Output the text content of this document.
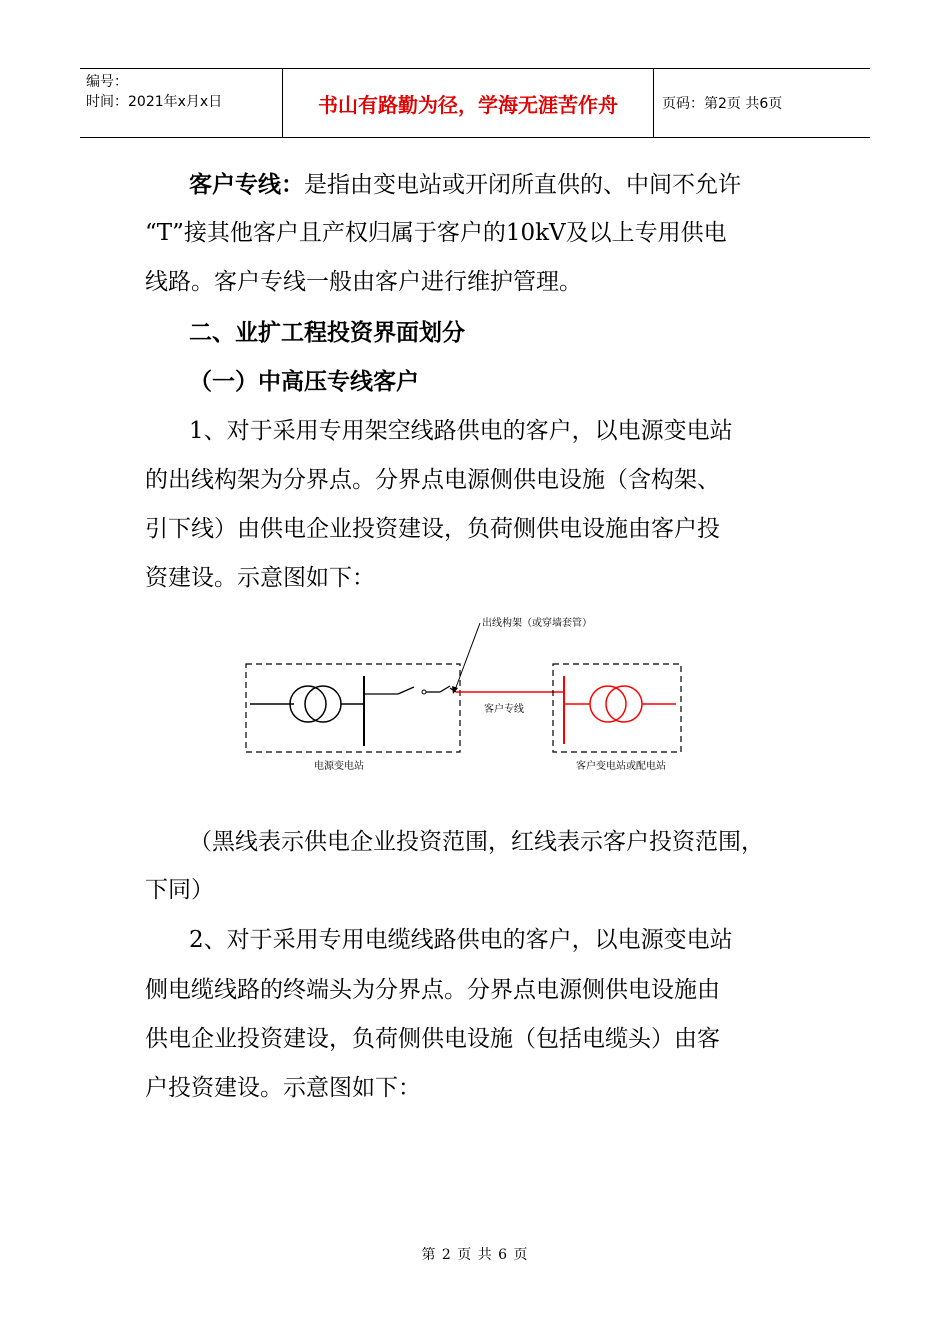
编号：
时间：2021年x月x日	书山有路勤为径，学海无涯苦作舟	页码：第2页 共6页

客户专线：是指由变电站或开闭所直供的、中间不允许

“T”接其他客户且产权归属于客户的10kV及以上专用供电

线路。客户专线一般由客户进行维护管理。

二、业扩工程投资界面划分

（一）中高压专线客户

1、对于采用专用架空线路供电的客户，以电源变电站

的出线构架为分界点。分界点电源侧供电设施（含构架、

引下线）由供电企业投资建设，负荷侧供电设施由客户投

资建设。示意图如下：

出线构架（或穿墙套管）
客户专线
电源变电站	客户变电站或配电站

（黑线表示供电企业投资范围，红线表示客户投资范围，

下同）

2、对于采用专用电缆线路供电的客户，以电源变电站

侧电缆线路的终端头为分界点。分界点电源侧供电设施由

供电企业投资建设，负荷侧供电设施（包括电缆头）由客

户投资建设。示意图如下：

第 2 页 共 6 页
